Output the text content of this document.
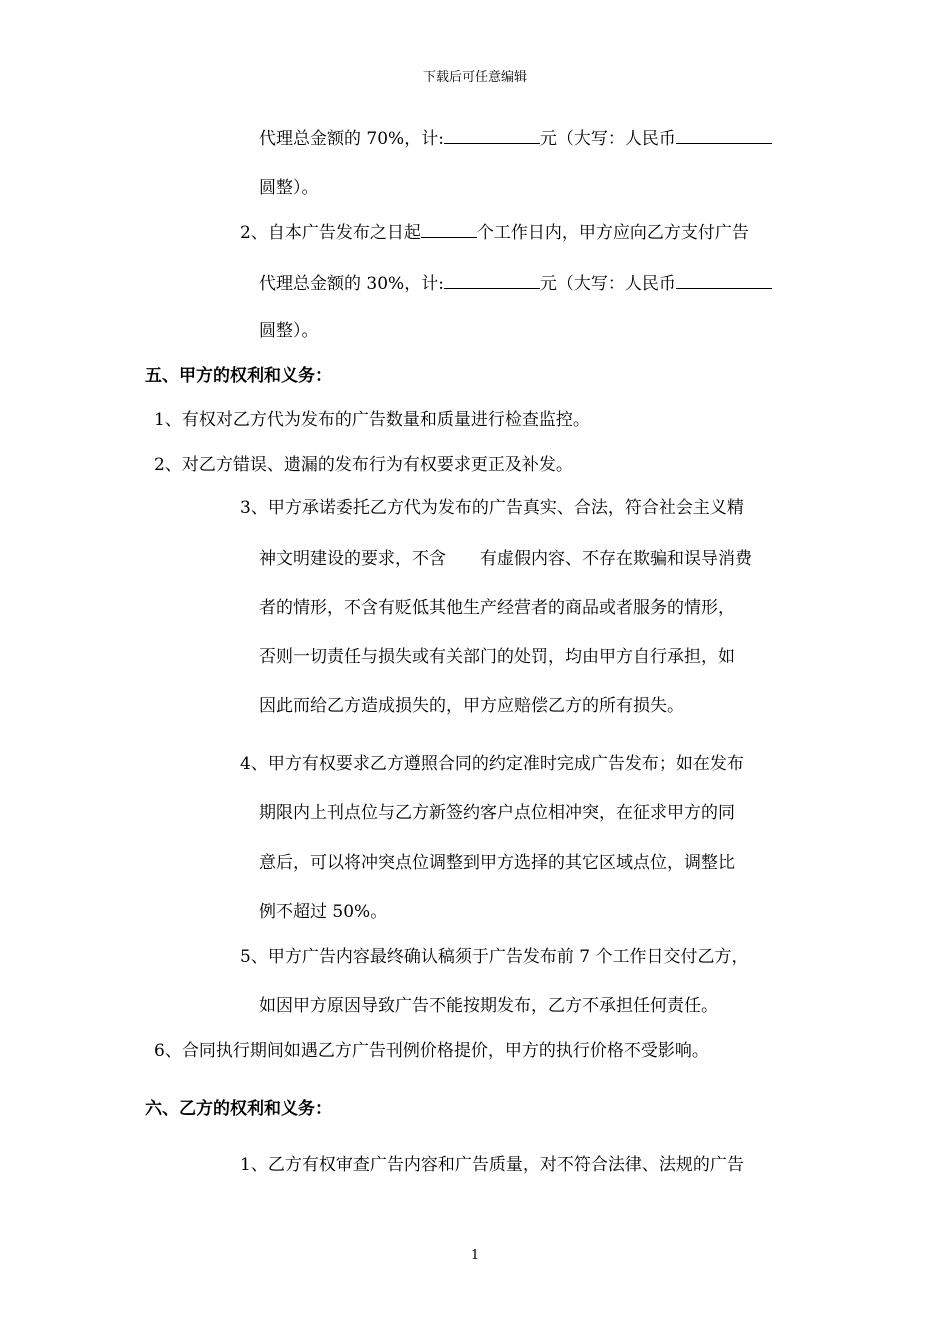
下载后可任意编辑
代理总金额的 70%，计:	元（大写：人民币
圆整）。
2、自本广告发布之日起	个工作日内，甲方应向乙方支付广告
代理总金额的 30%，计:	元（大写：人民币
圆整）。
五、甲方的权利和义务：
1、有权对乙方代为发布的广告数量和质量进行检查监控。
2、对乙方错误、遗漏的发布行为有权要求更正及补发。
3、甲方承诺委托乙方代为发布的广告真实、合法，符合社会主义精
神文明建设的要求，不含　　有虚假内容、不存在欺骗和误导消费
者的情形，不含有贬低其他生产经营者的商品或者服务的情形，
否则一切责任与损失或有关部门的处罚，均由甲方自行承担，如
因此而给乙方造成损失的，甲方应赔偿乙方的所有损失。
4、甲方有权要求乙方遵照合同的约定准时完成广告发布；如在发布
期限内上刊点位与乙方新签约客户点位相冲突，在征求甲方的同
意后，可以将冲突点位调整到甲方选择的其它区域点位，调整比
例不超过 50%。
5、甲方广告内容最终确认稿须于广告发布前 7 个工作日交付乙方，
如因甲方原因导致广告不能按期发布，乙方不承担任何责任。
6、合同执行期间如遇乙方广告刊例价格提价，甲方的执行价格不受影响。
六、乙方的权利和义务：
1、乙方有权审查广告内容和广告质量，对不符合法律、法规的广告
1
